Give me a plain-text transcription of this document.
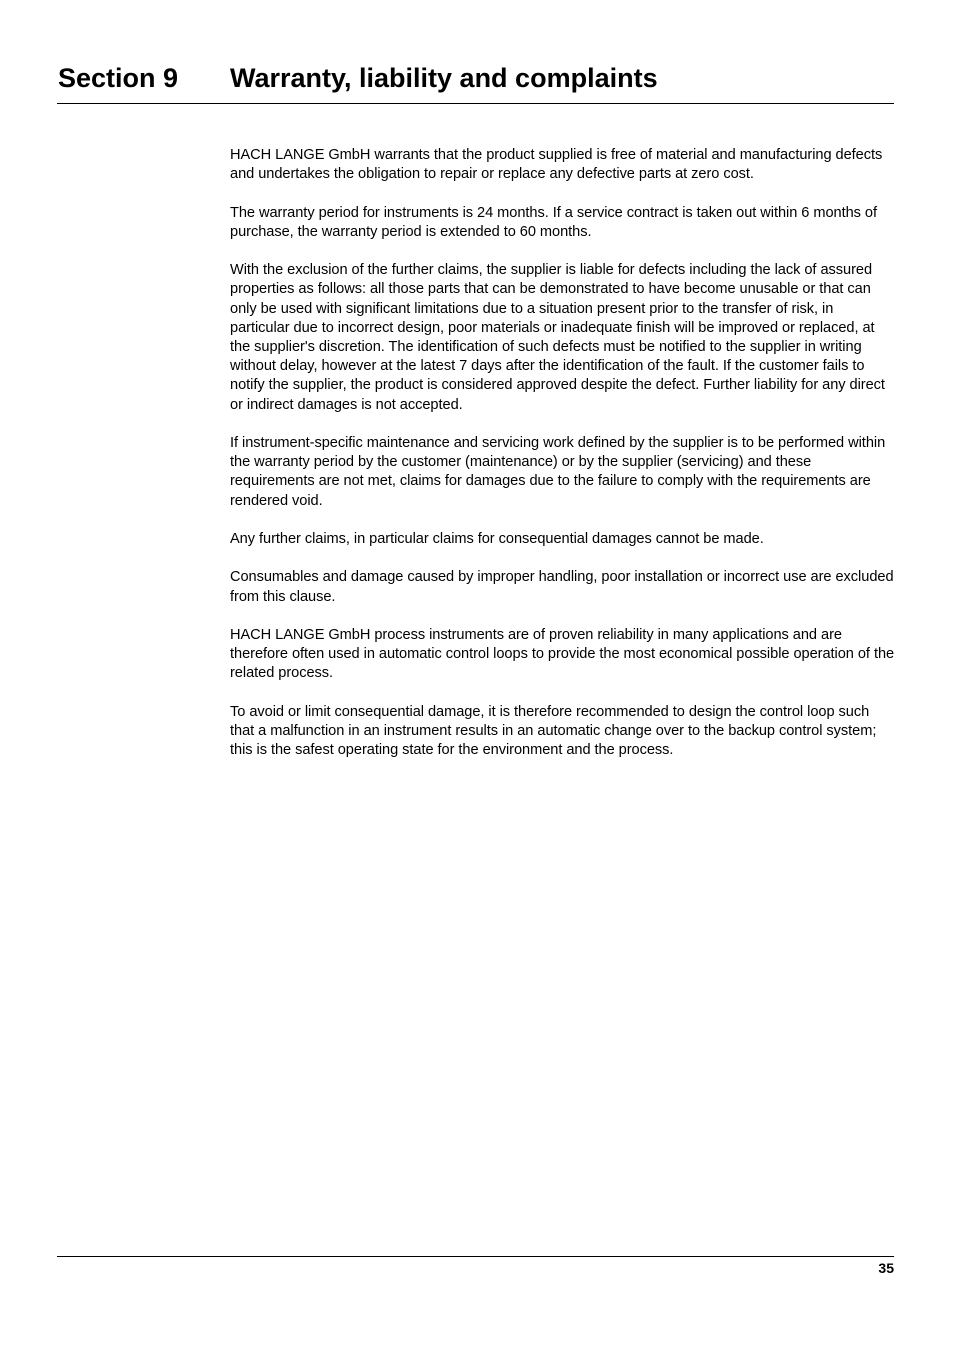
Section 9 Warranty, liability and complaints

HACH LANGE GmbH warrants that the product supplied is free of material and manufacturing defects and undertakes the obligation to repair or replace any defective parts at zero cost.

The warranty period for instruments is 24 months. If a service contract is taken out within 6 months of purchase, the warranty period is extended to 60 months.

With the exclusion of the further claims, the supplier is liable for defects including the lack of assured properties as follows: all those parts that can be demonstrated to have become unusable or that can only be used with significant limitations due to a situation present prior to the transfer of risk, in particular due to incorrect design, poor materials or inadequate finish will be improved or replaced, at the supplier's discretion. The identification of such defects must be notified to the supplier in writing without delay, however at the latest 7 days after the identification of the fault. If the customer fails to notify the supplier, the product is considered approved despite the defect. Further liability for any direct or indirect damages is not accepted.

If instrument-specific maintenance and servicing work defined by the supplier is to be performed within the warranty period by the customer (maintenance) or by the supplier (servicing) and these requirements are not met, claims for damages due to the failure to comply with the requirements are rendered void.

Any further claims, in particular claims for consequential damages cannot be made.

Consumables and damage caused by improper handling, poor installation or incorrect use are excluded from this clause.

HACH LANGE GmbH process instruments are of proven reliability in many applications and are therefore often used in automatic control loops to provide the most economical possible operation of the related process.

To avoid or limit consequential damage, it is therefore recommended to design the control loop such that a malfunction in an instrument results in an automatic change over to the backup control system; this is the safest operating state for the environment and the process.

35
